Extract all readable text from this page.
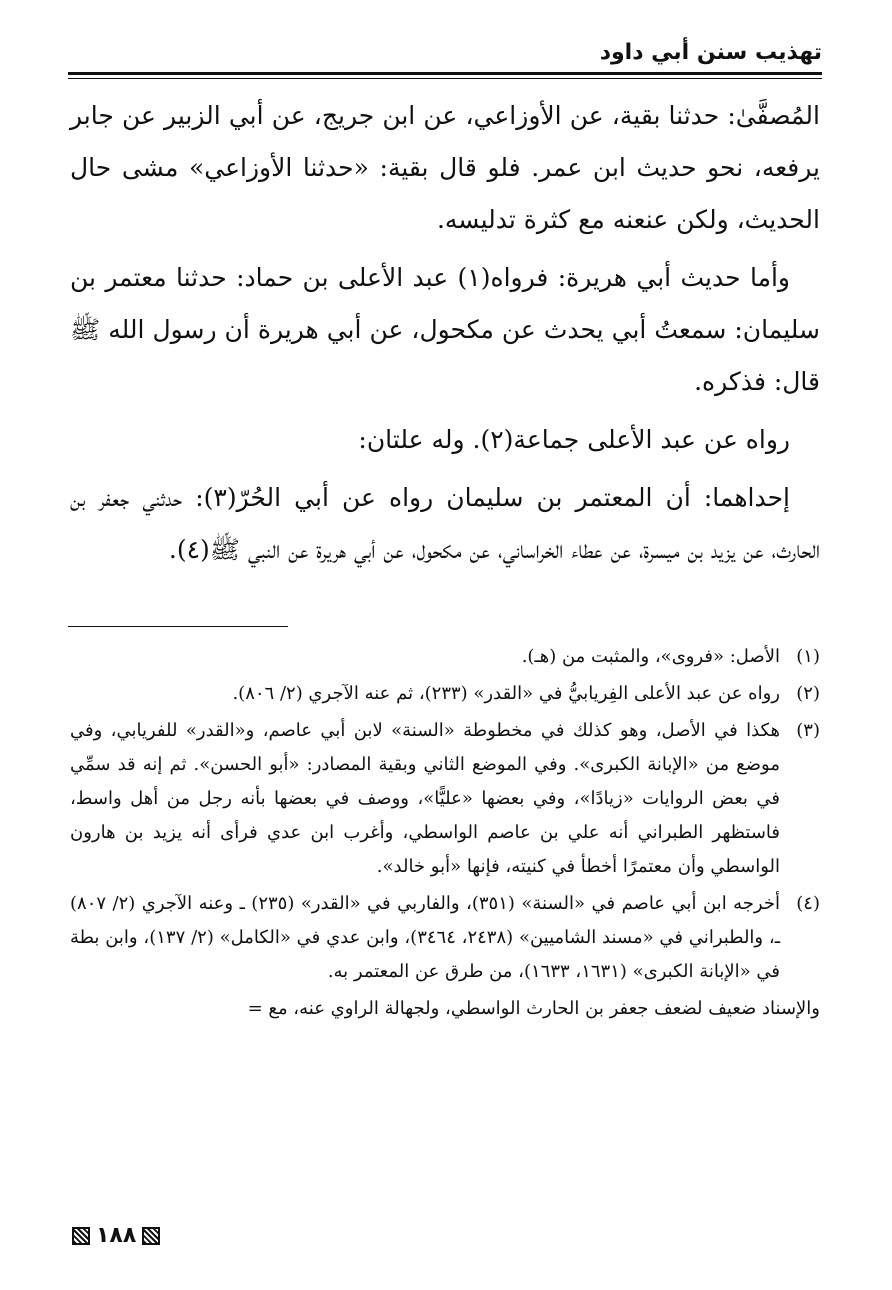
تهذيب سنن أبي داود

المُصفَّىٰ: حدثنا بقية، عن الأوزاعي، عن ابن جريج، عن أبي الزبير عن جابر يرفعه، نحو حديث ابن عمر. فلو قال بقية: «حدثنا الأوزاعي» مشى حال الحديث، ولكن عنعنه مع كثرة تدليسه.

وأما حديث أبي هريرة: فرواه(١) عبد الأعلى بن حماد: حدثنا معتمر بن سليمان: سمعتُ أبي يحدث عن مكحول، عن أبي هريرة أن رسول الله ﷺ قال: فذكره.

رواه عن عبد الأعلى جماعة(٢). وله علتان:

إحداهما: أن المعتمر بن سليمان رواه عن أبي الحُرّ(٣): حدثني جعفر بن الحارث، عن يزيد بن ميسرة، عن عطاء الخراساني، عن مكحول، عن أبي هريرة عن النبي ﷺ(٤).

(١)
الأصل: «فروى»، والمثبت من (هـ).
(٢)
رواه عن عبد الأعلى الفِريابيُّ في «القدر» (٢٣٣)، ثم عنه الآجري (٢/ ٨٠٦).
(٣)
هكذا في الأصل، وهو كذلك في مخطوطة «السنة» لابن أبي عاصم، و«القدر» للفريابي، وفي موضع من «الإبانة الكبرى». وفي الموضع الثاني وبقية المصادر: «أبو الحسن». ثم إنه قد سمِّي في بعض الروايات «زيادًا»، وفي بعضها «عليًّا»، ووصف في بعضها بأنه رجل من أهل واسط، فاستظهر الطبراني أنه علي بن عاصم الواسطي، وأغرب ابن عدي فرأى أنه يزيد بن هارون الواسطي وأن معتمرًا أخطأ في كنيته، فإنها «أبو خالد».
(٤)
أخرجه ابن أبي عاصم في «السنة» (٣٥١)، والفاربي في «القدر» (٢٣٥) ـ وعنه الآجري (٢/ ٨٠٧) ـ، والطبراني في «مسند الشاميين» (٢٤٣٨، ٣٤٦٤)، وابن عدي في «الكامل» (٢/ ١٣٧)، وابن بطة في «الإبانة الكبرى» (١٦٣١، ١٦٣٣)، من طرق عن المعتمر به.
والإسناد ضعيف لضعف جعفر بن الحارث الواسطي، ولجهالة الراوي عنه، مع =
١٨٨
